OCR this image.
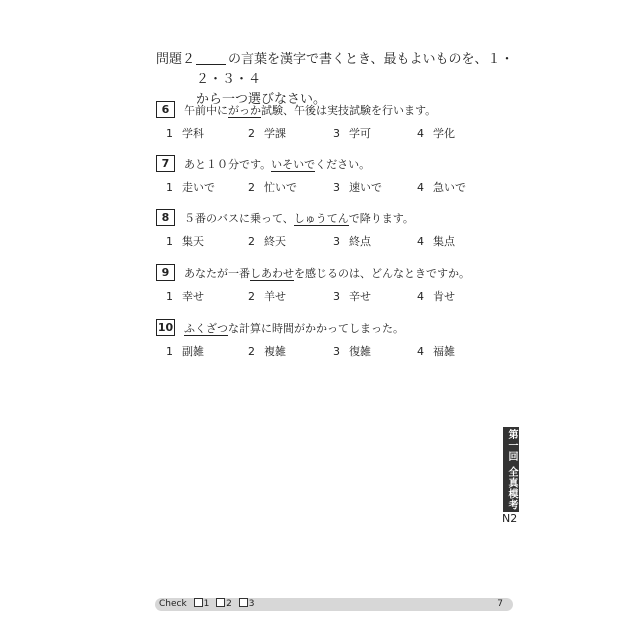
問題２	の言葉を漢字で書くとき、最もよいものを、１・２・３・４
から一つ選びなさい。
6	午前中にがっか試験、午後は実技試験を行います。
1 学科	2 学課	3 学可	4 学化
7	あと１０分です。いそいでください。
1 走いで	2 忙いで	3 速いで	4 急いで
8	５番のバスに乗って、しゅうてんで降ります。
1 集天	2 終天	3 終点	4 集点
9	あなたが一番しあわせを感じるのは、どんなときですか。
1 幸せ	2 羊せ	3 辛せ	4 肯せ
10 ふくざつな計算に時間がかかってしまった。
1 副雑	2 複雑	3 復雑	4 福雑
第一回 全真模考
N2
Check 1 2 3	7
